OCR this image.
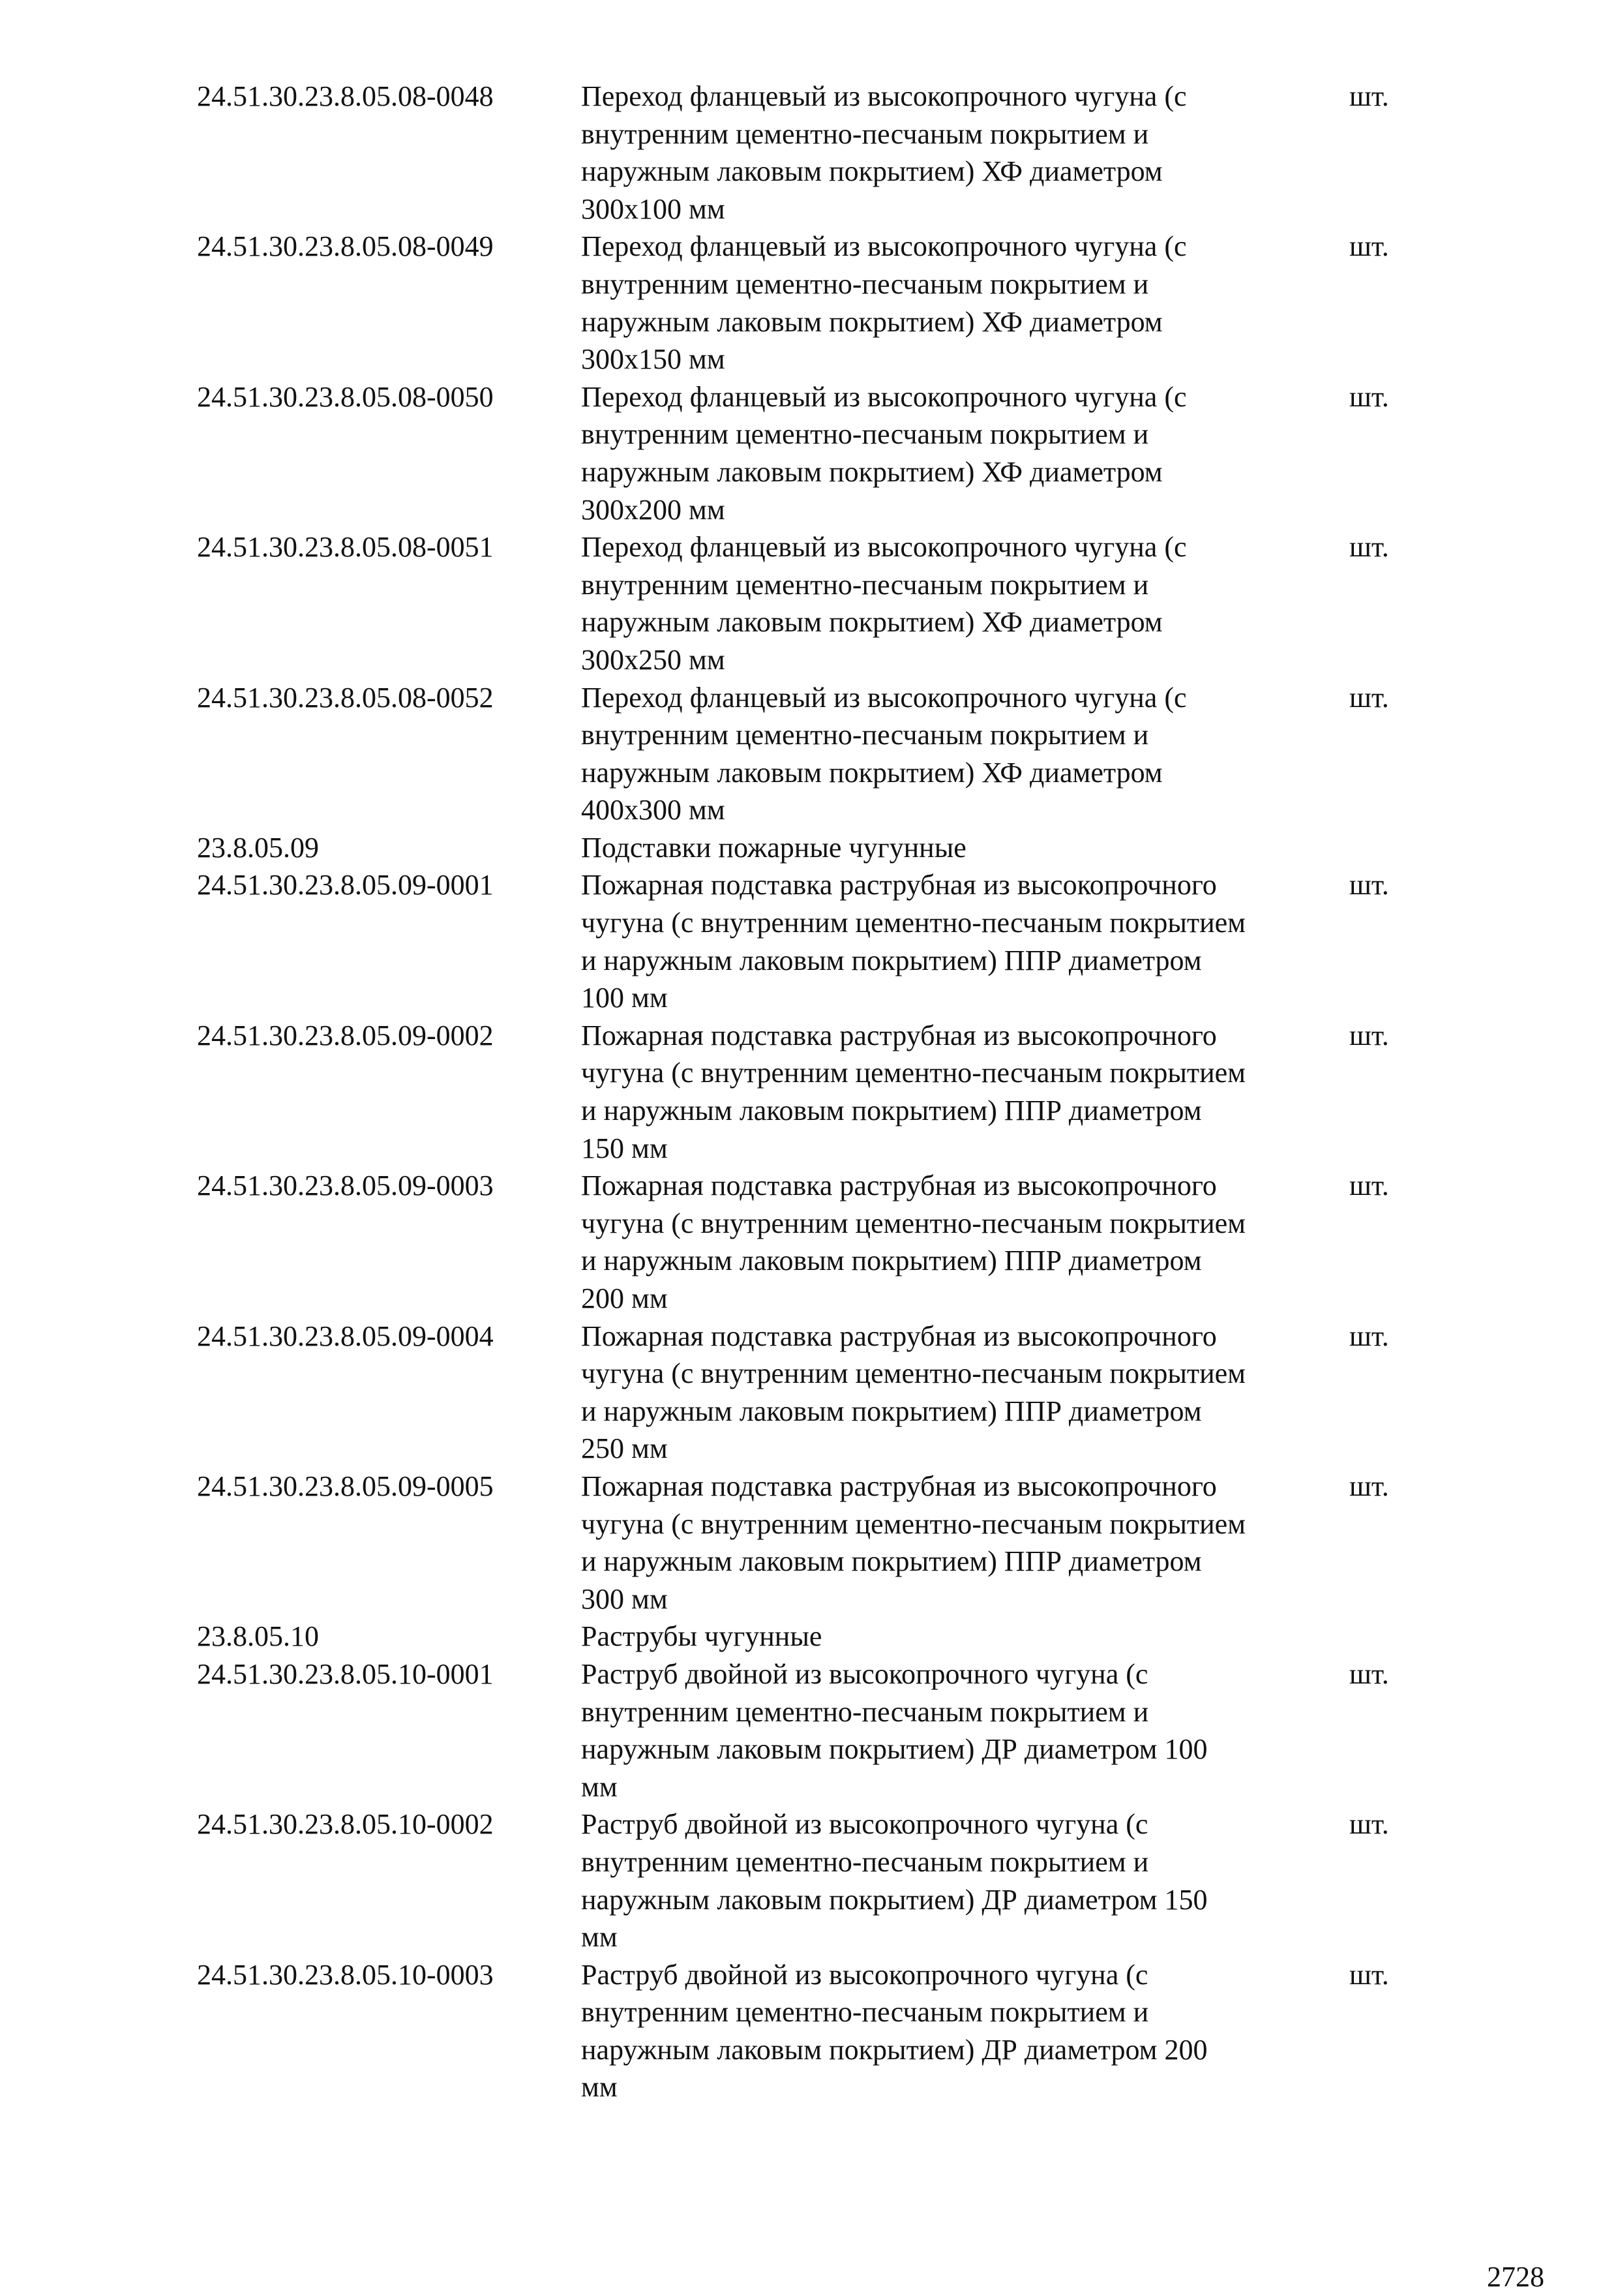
24.51.30.23.8.05.08-0048	Переход фланцевый из высокопрочного чугуна (с
внутренним цементно-песчаным покрытием и
наружным лаковым покрытием) ХФ диаметром
300x100 мм
шт.
24.51.30.23.8.05.08-0049	Переход фланцевый из высокопрочного чугуна (с
внутренним цементно-песчаным покрытием и
наружным лаковым покрытием) ХФ диаметром
300x150 мм
шт.
24.51.30.23.8.05.08-0050	Переход фланцевый из высокопрочного чугуна (с
внутренним цементно-песчаным покрытием и
наружным лаковым покрытием) ХФ диаметром
300x200 мм
шт.
24.51.30.23.8.05.08-0051	Переход фланцевый из высокопрочного чугуна (с
внутренним цементно-песчаным покрытием и
наружным лаковым покрытием) ХФ диаметром
300x250 мм
шт.
24.51.30.23.8.05.08-0052	Переход фланцевый из высокопрочного чугуна (с
внутренним цементно-песчаным покрытием и
наружным лаковым покрытием) ХФ диаметром
400x300 мм
шт.
23.8.05.09	Подставки пожарные чугунные
24.51.30.23.8.05.09-0001	Пожарная подставка раструбная из высокопрочного
чугуна (с внутренним цементно-песчаным покрытием
и наружным лаковым покрытием) ППР диаметром
100 мм
шт.
24.51.30.23.8.05.09-0002	Пожарная подставка раструбная из высокопрочного
чугуна (с внутренним цементно-песчаным покрытием
и наружным лаковым покрытием) ППР диаметром
150 мм
шт.
24.51.30.23.8.05.09-0003	Пожарная подставка раструбная из высокопрочного
чугуна (с внутренним цементно-песчаным покрытием
и наружным лаковым покрытием) ППР диаметром
200 мм
шт.
24.51.30.23.8.05.09-0004	Пожарная подставка раструбная из высокопрочного
чугуна (с внутренним цементно-песчаным покрытием
и наружным лаковым покрытием) ППР диаметром
250 мм
шт.
24.51.30.23.8.05.09-0005	Пожарная подставка раструбная из высокопрочного
чугуна (с внутренним цементно-песчаным покрытием
и наружным лаковым покрытием) ППР диаметром
300 мм
шт.
23.8.05.10	Раструбы чугунные
24.51.30.23.8.05.10-0001	Раструб двойной из высокопрочного чугуна (с
внутренним цементно-песчаным покрытием и
наружным лаковым покрытием) ДР диаметром 100
мм
шт.
24.51.30.23.8.05.10-0002	Раструб двойной из высокопрочного чугуна (с
внутренним цементно-песчаным покрытием и
наружным лаковым покрытием) ДР диаметром 150
мм
шт.
24.51.30.23.8.05.10-0003	Раструб двойной из высокопрочного чугуна (с
внутренним цементно-песчаным покрытием и
наружным лаковым покрытием) ДР диаметром 200
мм
шт.
2728
